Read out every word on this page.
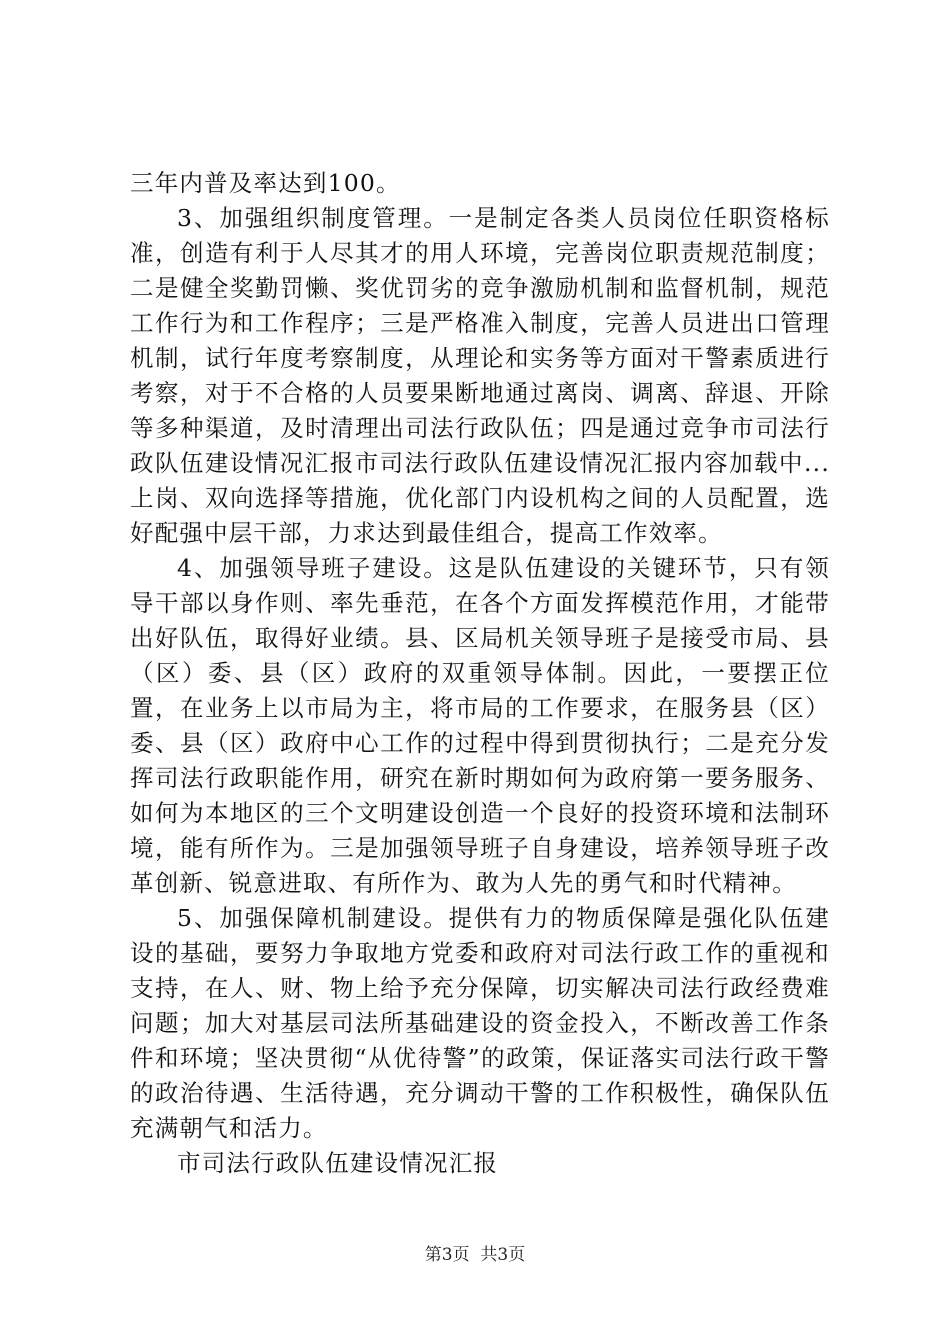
三年内普及率达到100。

3、加强组织制度管理。一是制定各类人员岗位任职资格标准，创造有利于人尽其才的用人环境，完善岗位职责规范制度；二是健全奖勤罚懒、奖优罚劣的竞争激励机制和监督机制，规范工作行为和工作程序；三是严格准入制度，完善人员进出口管理机制，试行年度考察制度，从理论和实务等方面对干警素质进行考察，对于不合格的人员要果断地通过离岗、调离、辞退、开除等多种渠道，及时清理出司法行政队伍；四是通过竞争市司法行政队伍建设情况汇报市司法行政队伍建设情况汇报内容加载中...上岗、双向选择等措施，优化部门内设机构之间的人员配置，选好配强中层干部，力求达到最佳组合，提高工作效率。

4、加强领导班子建设。这是队伍建设的关键环节，只有领导干部以身作则、率先垂范，在各个方面发挥模范作用，才能带出好队伍，取得好业绩。县、区局机关领导班子是接受市局、县（区）委、县（区）政府的双重领导体制。因此，一要摆正位置，在业务上以市局为主，将市局的工作要求，在服务县（区）委、县（区）政府中心工作的过程中得到贯彻执行；二是充分发挥司法行政职能作用，研究在新时期如何为政府第一要务服务、如何为本地区的三个文明建设创造一个良好的投资环境和法制环境，能有所作为。三是加强领导班子自身建设，培养领导班子改革创新、锐意进取、有所作为、敢为人先的勇气和时代精神。

5、加强保障机制建设。提供有力的物质保障是强化队伍建设的基础，要努力争取地方党委和政府对司法行政工作的重视和支持，在人、财、物上给予充分保障，切实解决司法行政经费难问题；加大对基层司法所基础建设的资金投入，不断改善工作条件和环境；坚决贯彻“从优待警”的政策，保证落实司法行政干警的政治待遇、生活待遇，充分调动干警的工作积极性，确保队伍充满朝气和活力。

市司法行政队伍建设情况汇报

第3页  共3页
